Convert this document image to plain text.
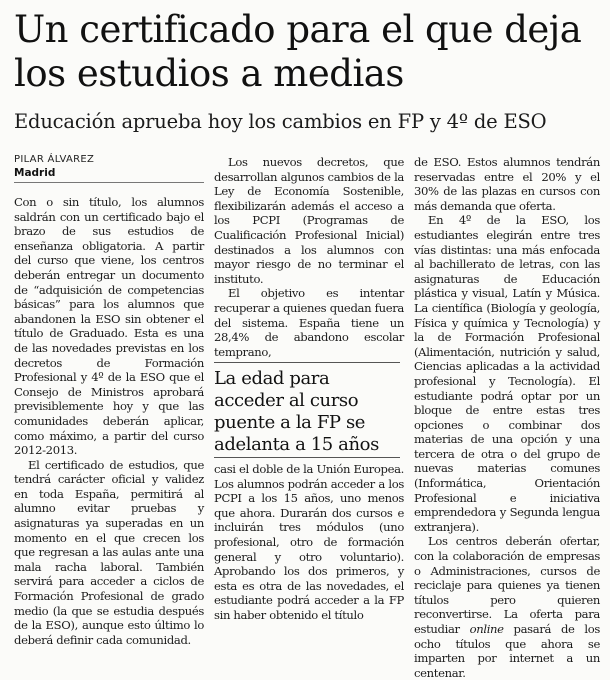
Un certificado para el que deja los estudios a medias
Educación aprueba hoy los cambios en FP y 4º de ESO
PILAR ÁLVAREZ
Madrid

Con o sin título, los alumnos saldrán con un certificado bajo el brazo de sus estudios de enseñanza obligatoria. A partir del curso que viene, los centros deberán entregar un documento de “adquisición de competencias básicas” para los alumnos que abandonen la ESO sin obtener el título de Graduado. Esta es una de las novedades previstas en los decretos de Formación Profesional y 4º de la ESO que el Consejo de Ministros aprobará previsiblemente hoy y que las comunidades deberán aplicar, como máximo, a partir del curso 2012-2013.

El certificado de estudios, que tendrá carácter oficial y validez en toda España, permitirá al alumno evitar pruebas y asignaturas ya superadas en un momento en el que crecen los que regresan a las aulas ante una mala racha laboral. También servirá para acceder a ciclos de Formación Profesional de grado medio (la que se estudia después de la ESO), aunque esto último lo deberá definir cada comunidad.

Los nuevos decretos, que desarrollan algunos cambios de la Ley de Economía Sostenible, flexibilizarán además el acceso a los PCPI (Programas de Cualificación Profesional Inicial) destinados a los alumnos con mayor riesgo de no terminar el instituto.

El objetivo es intentar recuperar a quienes quedan fuera del sistema. España tiene un 28,4% de abandono escolar temprano,

La edad para acceder al curso puente a la FP se adelanta a 15 años

casi el doble de la Unión Europea. Los alumnos podrán acceder a los PCPI a los 15 años, uno menos que ahora. Durarán dos cursos e incluirán tres módulos (uno profesional, otro de formación general y otro voluntario). Aprobando los dos primeros, y esta es otra de las novedades, el estudiante podrá acceder a la FP sin haber obtenido el título

de ESO. Estos alumnos tendrán reservadas entre el 20% y el 30% de las plazas en cursos con más demanda que oferta.

En 4º de la ESO, los estudiantes elegirán entre tres vías distintas: una más enfocada al bachillerato de letras, con las asignaturas de Educación plástica y visual, Latín y Música. La científica (Biología y geología, Física y química y Tecnología) y la de Formación Profesional (Alimentación, nutrición y salud, Ciencias aplicadas a la actividad profesional y Tecnología). El estudiante podrá optar por un bloque de entre estas tres opciones o combinar dos materias de una opción y una tercera de otra o del grupo de nuevas materias comunes (Informática, Orientación Profesional e iniciativa emprendedora y Segunda lengua extranjera).

Los centros deberán ofertar, con la colaboración de empresas o Administraciones, cursos de reciclaje para quienes ya tienen títulos pero quieren reconvertirse. La oferta para estudiar online pasará de los ocho títulos que ahora se imparten por internet a un centenar.
